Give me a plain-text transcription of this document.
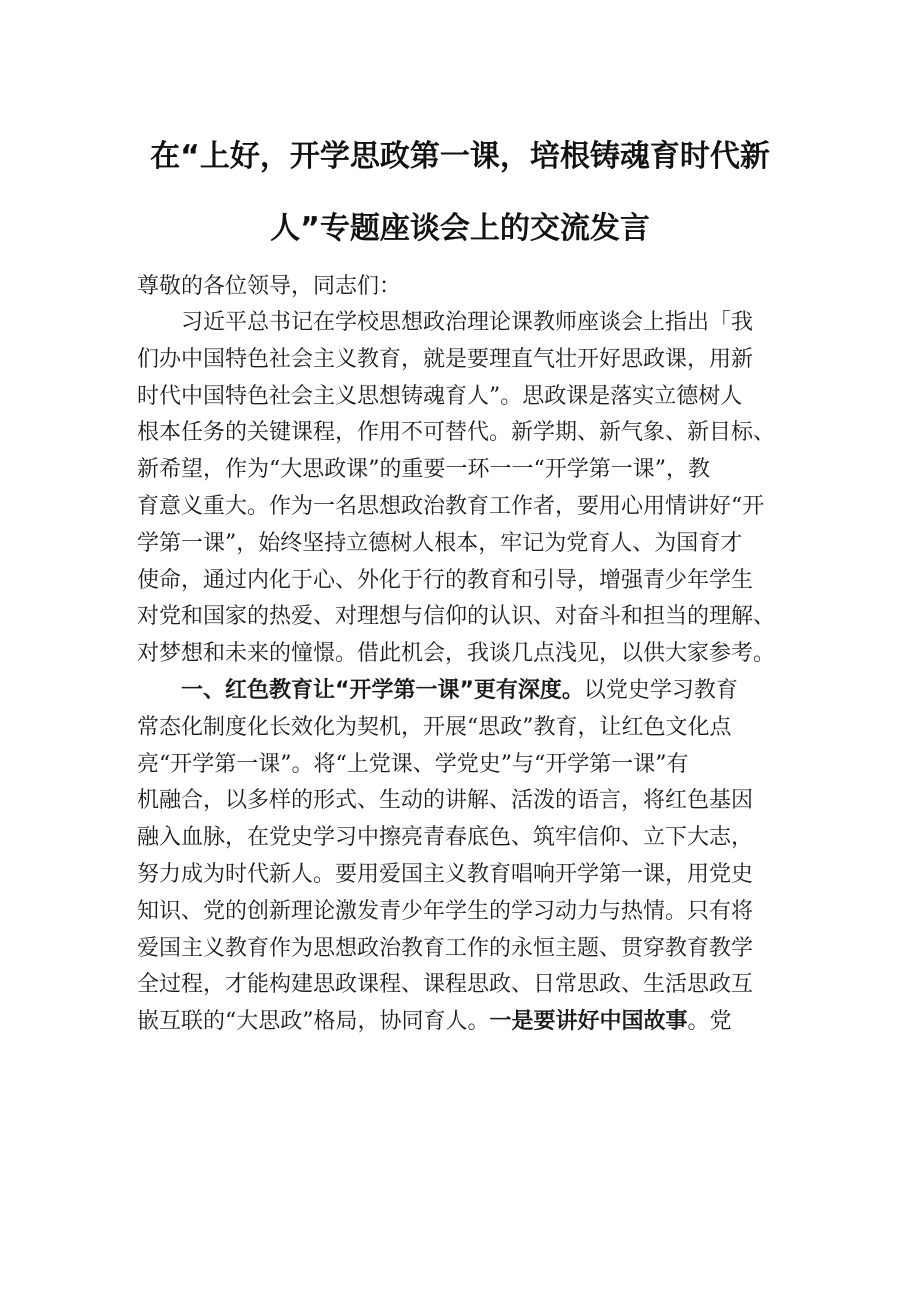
在“上好，开学思政第一课，培根铸魂育时代新
人”专题座谈会上的交流发言
尊敬的各位领导，同志们：
　　习近平总书记在学校思想政治理论课教师座谈会上指出「我
们办中国特色社会主义教育，就是要理直气壮开好思政课，用新
时代中国特色社会主义思想铸魂育人”。思政课是落实立德树人
根本任务的关键课程，作用不可替代。新学期、新气象、新目标、
新希望，作为“大思政课”的重要一环一一“开学第一课”，教
育意义重大。作为一名思想政治教育工作者，要用心用情讲好“开
学第一课”，始终坚持立德树人根本，牢记为党育人、为国育才
使命，通过内化于心、外化于行的教育和引导，增强青少年学生
对党和国家的热爱、对理想与信仰的认识、对奋斗和担当的理解、
对梦想和未来的憧憬。借此机会，我谈几点浅见，以供大家参考。
　　一、红色教育让“开学第一课”更有深度。以党史学习教育
常态化制度化长效化为契机，开展“思政”教育，让红色文化点
亮“开学第一课”。将“上党课、学党史”与“开学第一课”有
机融合，以多样的形式、生动的讲解、活泼的语言，将红色基因
融入血脉，在党史学习中擦亮青春底色、筑牢信仰、立下大志，
努力成为时代新人。要用爱国主义教育唱响开学第一课，用党史
知识、党的创新理论激发青少年学生的学习动力与热情。只有将
爱国主义教育作为思想政治教育工作的永恒主题、贯穿教育教学
全过程，才能构建思政课程、课程思政、日常思政、生活思政互
嵌互联的“大思政”格局，协同育人。一是要讲好中国故事。党
